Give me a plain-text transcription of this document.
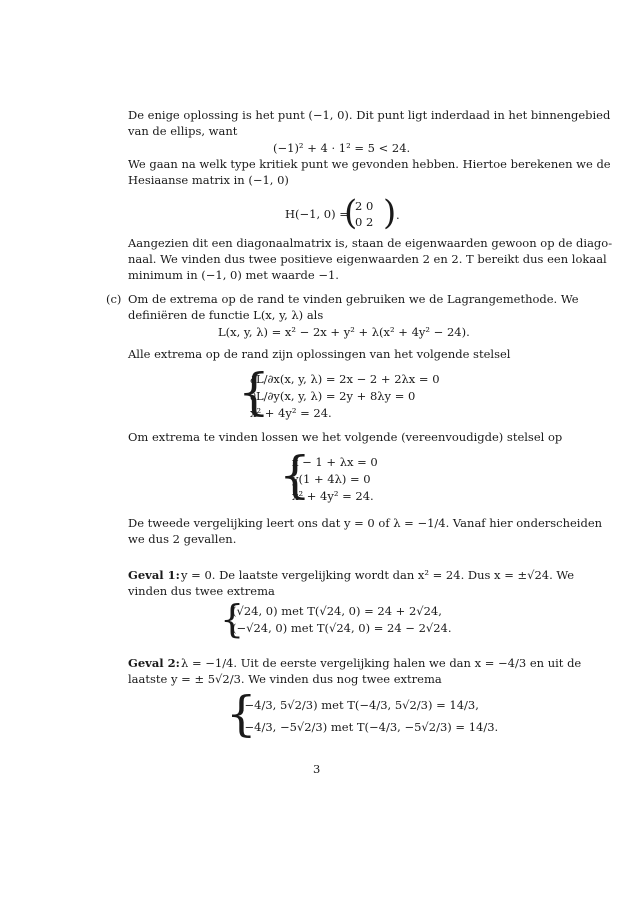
De enige oplossing is het punt (−1, 0). Dit punt ligt inderdaad in het binnengebied
van de ellips, want
(−1)² + 4 · 1² = 5 < 24.
We gaan na welk type kritiek punt we gevonden hebben. Hiertoe berekenen we de
Hesiaanse matrix in (−1, 0)
H(−1, 0) =
(
2 0
0 2 ) .
Aangezien dit een diagonaalmatrix is, staan de eigenwaarden gewoon op de diago-
naal. We vinden dus twee positieve eigenwaarden 2 en 2. T bereikt dus een lokaal
minimum in (−1, 0) met waarde −1.
(c) Om de extrema op de rand te vinden gebruiken we de Lagrangemethode. We
definiëren de functie L(x, y, λ) als
L(x, y, λ) = x² − 2x + y² + λ(x² + 4y² − 24).
Alle extrema op de rand zijn oplossingen van het volgende stelsel
{
∂L/∂x(x, y, λ) = 2x − 2 + 2λx = 0
∂L/∂y(x, y, λ) = 2y + 8λy = 0
x² + 4y² = 24.
Om extrema te vinden lossen we het volgende (vereenvoudigde) stelsel op
{
x − 1 + λx = 0
y(1 + 4λ) = 0
x² + 4y² = 24.
De tweede vergelijking leert ons dat y = 0 of λ = −1/4. Vanaf hier onderscheiden
we dus 2 gevallen.
Geval 1: y = 0. De laatste vergelijking wordt dan x² = 24. Dus x = ±√24. We
vinden dus twee extrema
{
(√24, 0) met T(√24, 0) = 24 + 2√24,
(−√24, 0) met T(√24, 0) = 24 − 2√24.
Geval 2: λ = −1/4. Uit de eerste vergelijking halen we dan x = −4/3 en uit de
laatste y = ± 5√2/3. We vinden dus nog twee extrema
{
(−4/3, 5√2/3) met T(−4/3, 5√2/3) = 14/3,
(−4/3, −5√2/3) met T(−4/3, −5√2/3) = 14/3.
3
